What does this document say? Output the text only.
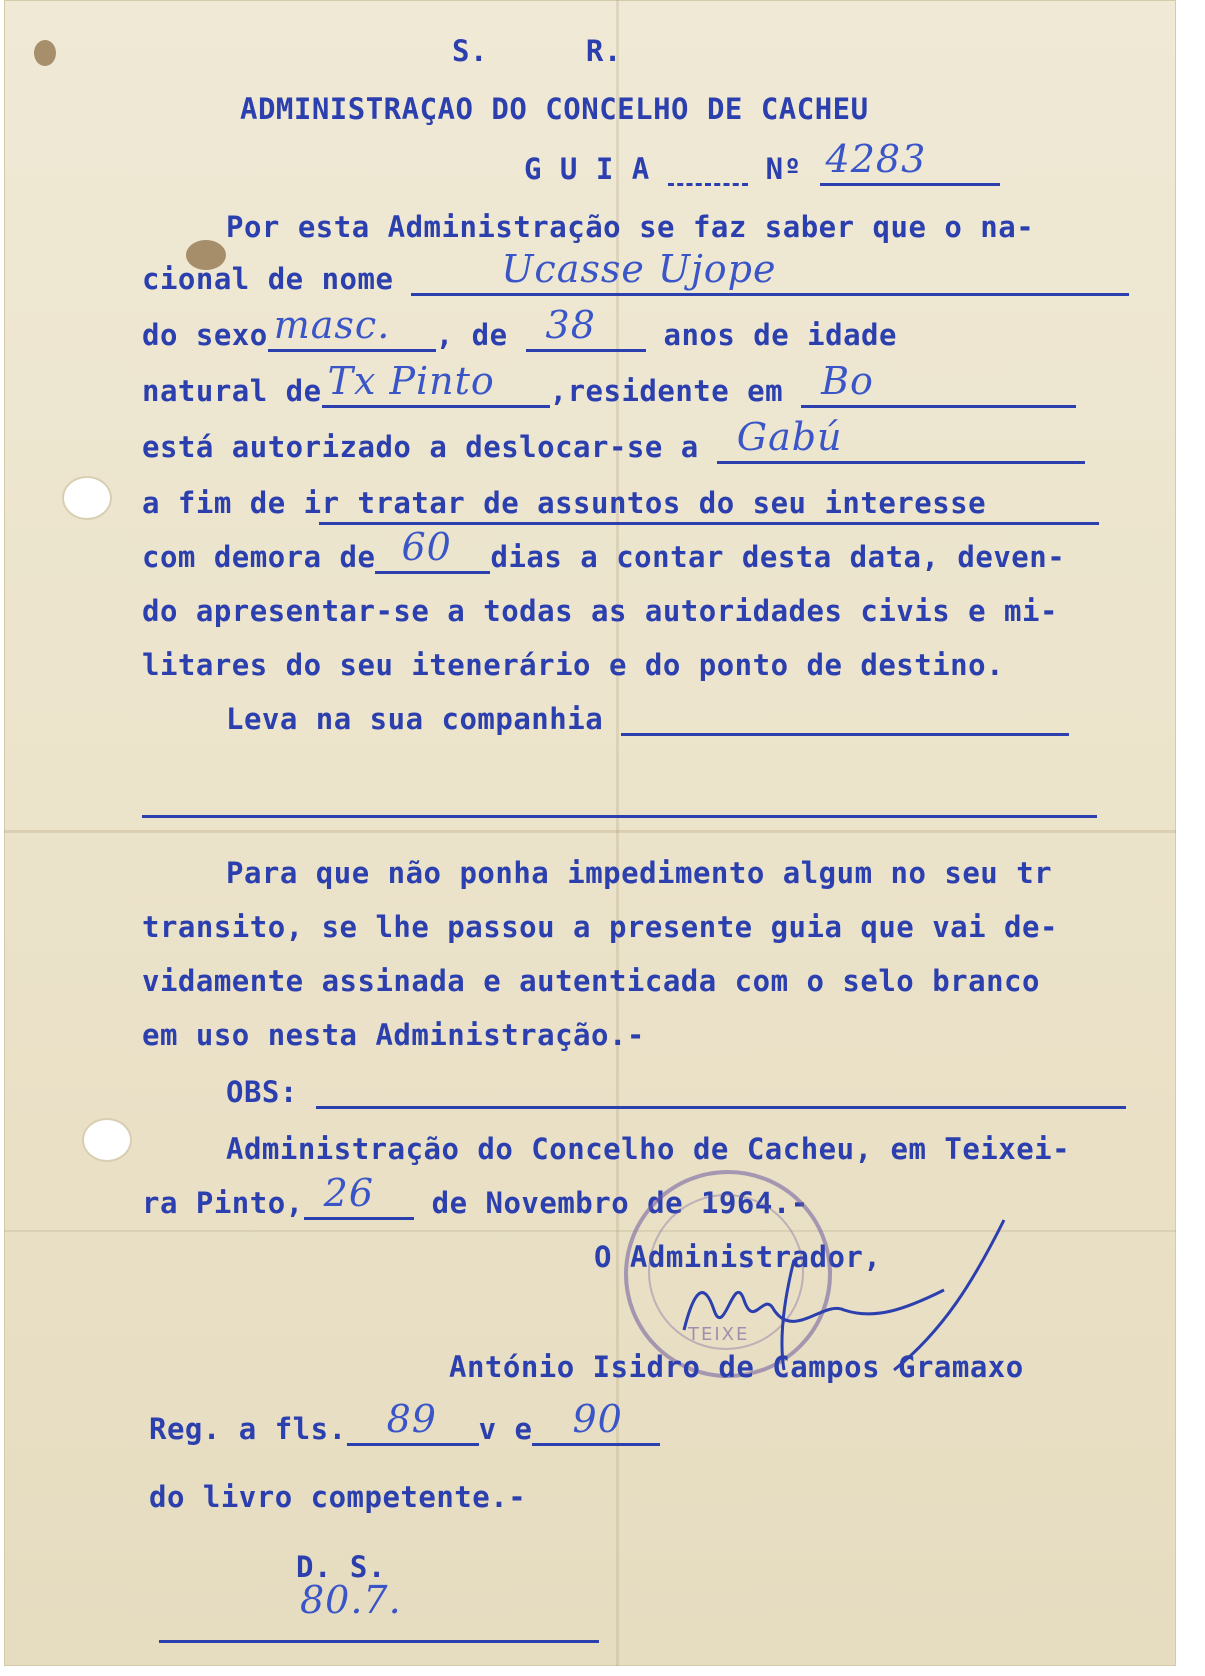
S. R.
ADMINISTRAÇAO DO CONCELHO DE CACHEU
G U I A	Nº 4283
Por esta Administração se faz saber que o na-
cional de nome	Ucasse Ujope
do sexo masc. , de 38 anos de idade
natural de Tx Pinto ,residente em Bo
está autorizado a deslocar-se a Gabú
a fim de ir tratar de assuntos do seu interesse
com demora de 60 dias a contar desta data, deven-
do apresentar-se a todas as autoridades civis e mi-
litares do seu itenerário e do ponto de destino.
Leva na sua companhia
Para que não ponha impedimento algum no seu tr
transito, se lhe passou a presente guia que vai de-
vidamente assinada e autenticada com o selo branco
em uso nesta Administração.-
OBS:
Administração do Concelho de Cacheu, em Teixei-
ra Pinto, 26 de Novembro de 1964.-
O Administrador,
TEIXE
António Isidro de Campos Gramaxo
Reg. a fls. 89 v e 90
do livro competente.-
D. S.
80.7.
